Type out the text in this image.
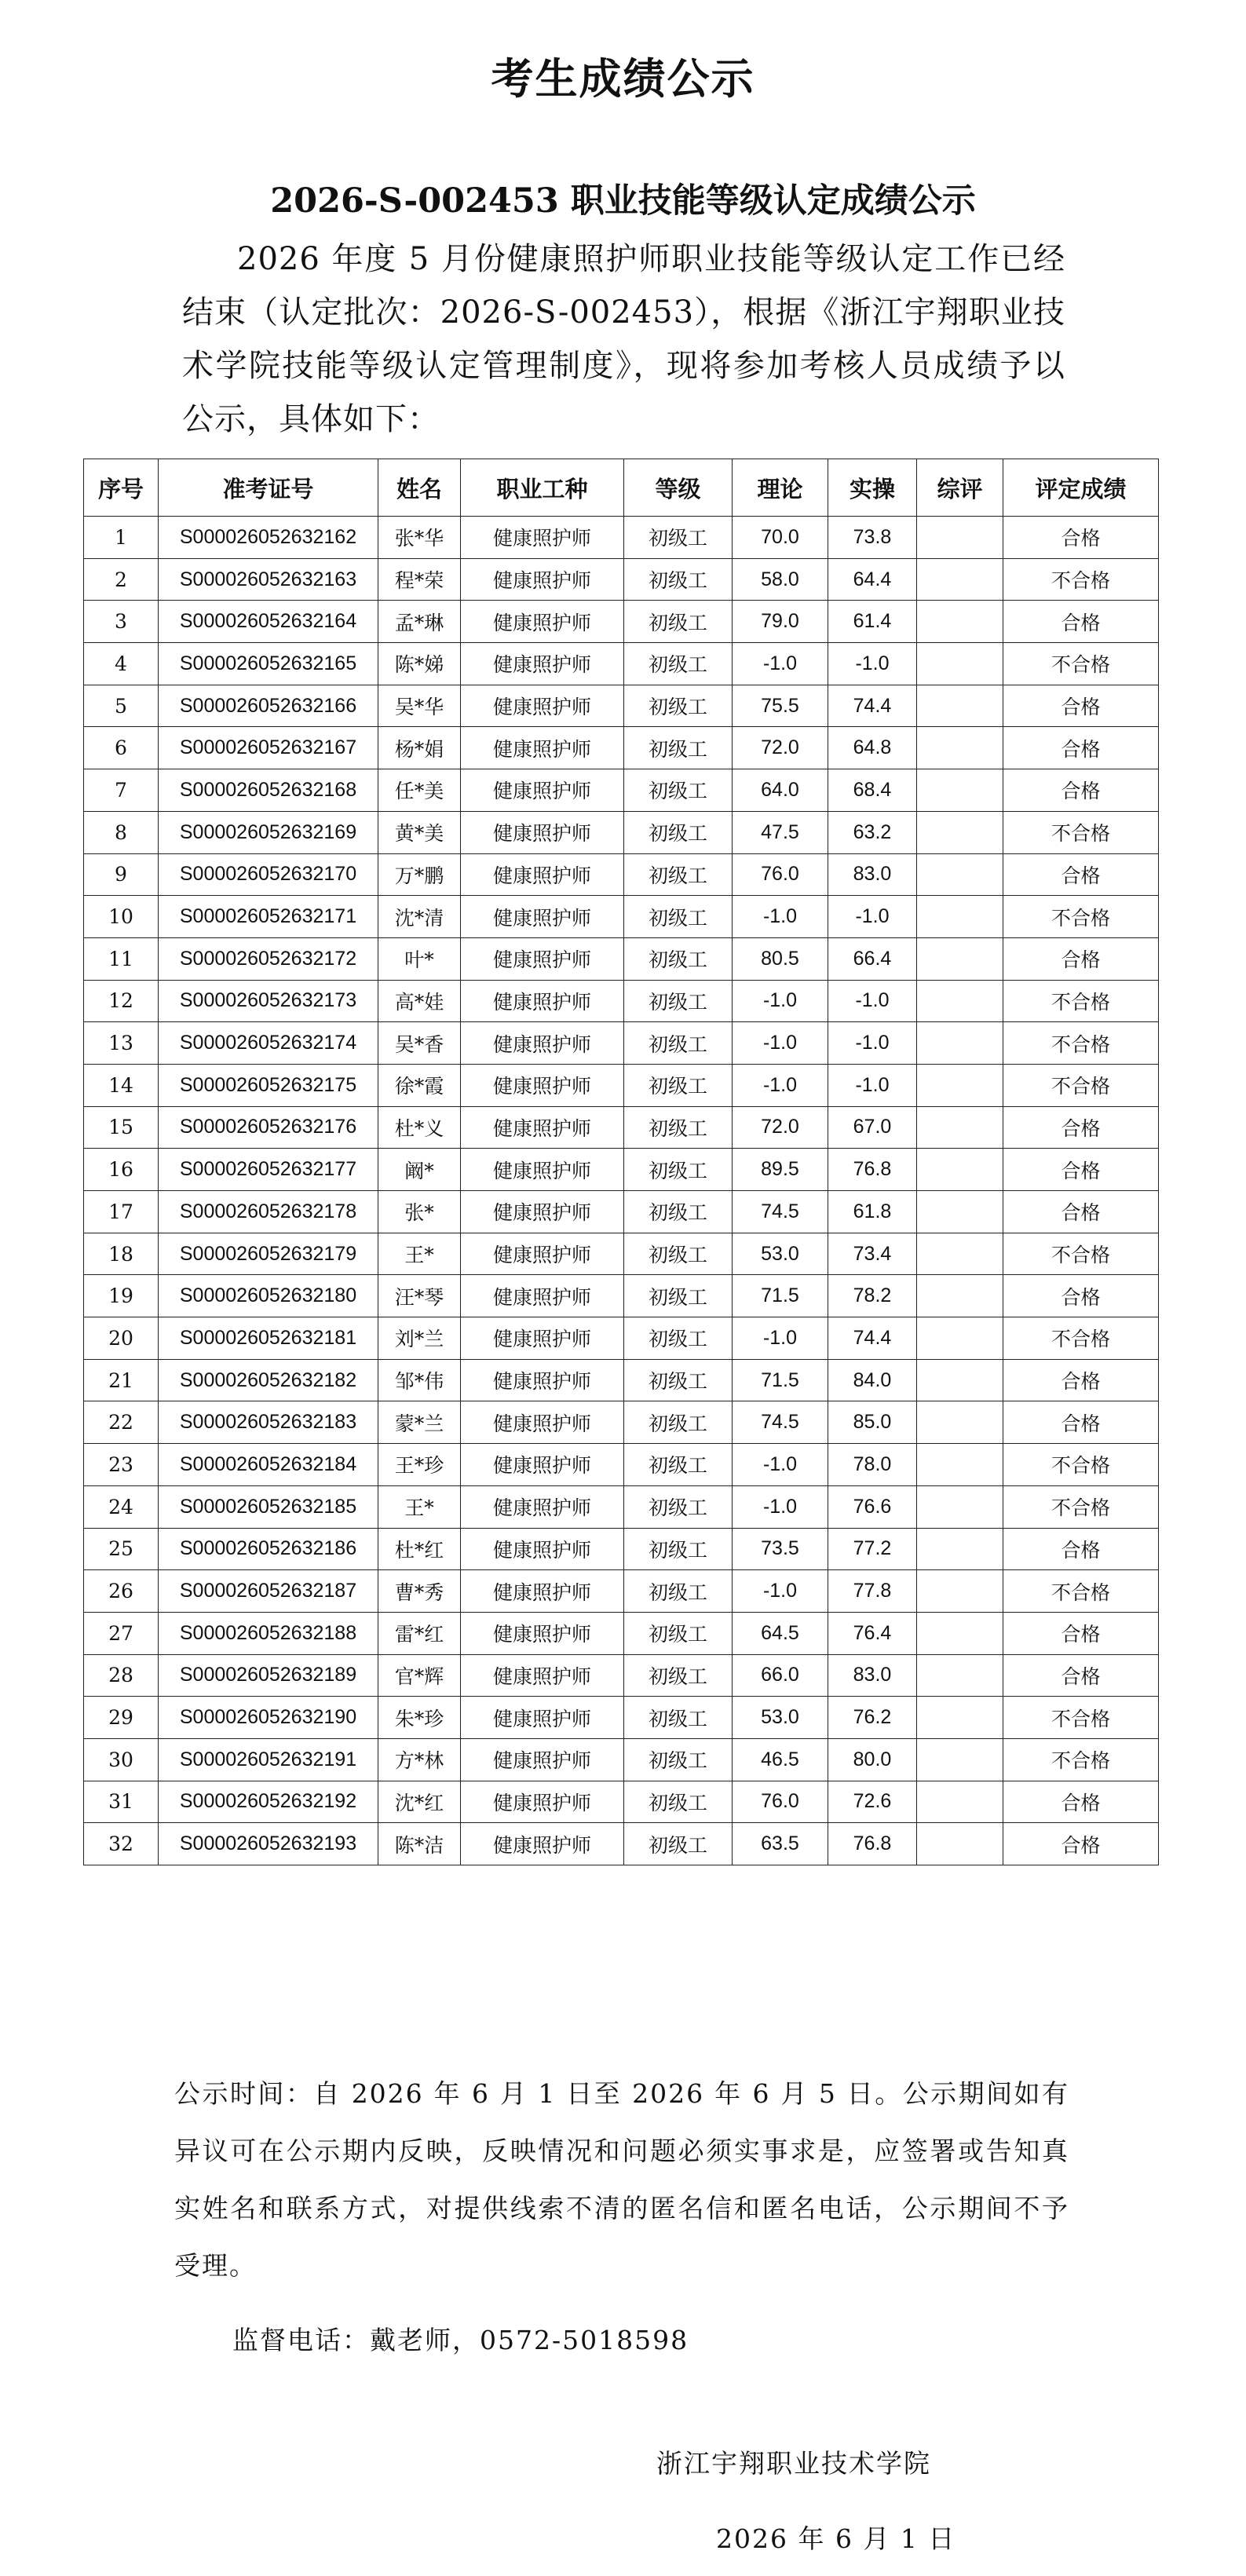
考生成绩公示
2026-S-002453 职业技能等级认定成绩公示
2026 年度 5 月份健康照护师职业技能等级认定工作已经结束（认定批次：2026-S-002453），根据《浙江宇翔职业技术学院技能等级认定管理制度》，现将参加考核人员成绩予以公示，具体如下：
序号	准考证号	姓名	职业工种	等级	理论	实操	综评	评定成绩
1	S000026052632162	张*华	健康照护师	初级工	70.0	73.8		合格
2	S000026052632163	程*荣	健康照护师	初级工	58.0	64.4		不合格
3	S000026052632164	孟*琳	健康照护师	初级工	79.0	61.4		合格
4	S000026052632165	陈*娣	健康照护师	初级工	-1.0	-1.0		不合格
5	S000026052632166	吴*华	健康照护师	初级工	75.5	74.4		合格
6	S000026052632167	杨*娟	健康照护师	初级工	72.0	64.8		合格
7	S000026052632168	任*美	健康照护师	初级工	64.0	68.4		合格
8	S000026052632169	黄*美	健康照护师	初级工	47.5	63.2		不合格
9	S000026052632170	万*鹏	健康照护师	初级工	76.0	83.0		合格
10	S000026052632171	沈*清	健康照护师	初级工	-1.0	-1.0		不合格
11	S000026052632172	叶*	健康照护师	初级工	80.5	66.4		合格
12	S000026052632173	高*娃	健康照护师	初级工	-1.0	-1.0		不合格
13	S000026052632174	吴*香	健康照护师	初级工	-1.0	-1.0		不合格
14	S000026052632175	徐*霞	健康照护师	初级工	-1.0	-1.0		不合格
15	S000026052632176	杜*义	健康照护师	初级工	72.0	67.0		合格
16	S000026052632177	阚*	健康照护师	初级工	89.5	76.8		合格
17	S000026052632178	张*	健康照护师	初级工	74.5	61.8		合格
18	S000026052632179	王*	健康照护师	初级工	53.0	73.4		不合格
19	S000026052632180	汪*琴	健康照护师	初级工	71.5	78.2		合格
20	S000026052632181	刘*兰	健康照护师	初级工	-1.0	74.4		不合格
21	S000026052632182	邹*伟	健康照护师	初级工	71.5	84.0		合格
22	S000026052632183	蒙*兰	健康照护师	初级工	74.5	85.0		合格
23	S000026052632184	王*珍	健康照护师	初级工	-1.0	78.0		不合格
24	S000026052632185	王*	健康照护师	初级工	-1.0	76.6		不合格
25	S000026052632186	杜*红	健康照护师	初级工	73.5	77.2		合格
26	S000026052632187	曹*秀	健康照护师	初级工	-1.0	77.8		不合格
27	S000026052632188	雷*红	健康照护师	初级工	64.5	76.4		合格
28	S000026052632189	官*辉	健康照护师	初级工	66.0	83.0		合格
29	S000026052632190	朱*珍	健康照护师	初级工	53.0	76.2		不合格
30	S000026052632191	方*林	健康照护师	初级工	46.5	80.0		不合格
31	S000026052632192	沈*红	健康照护师	初级工	76.0	72.6		合格
32	S000026052632193	陈*洁	健康照护师	初级工	63.5	76.8		合格
公示时间：自 2026 年 6 月 1 日至 2026 年 6 月 5 日。公示期间如有异议可在公示期内反映，反映情况和问题必须实事求是，应签署或告知真实姓名和联系方式，对提供线索不清的匿名信和匿名电话，公示期间不予受理。
监督电话：戴老师，0572-5018598
浙江宇翔职业技术学院
2026 年 6 月 1 日
